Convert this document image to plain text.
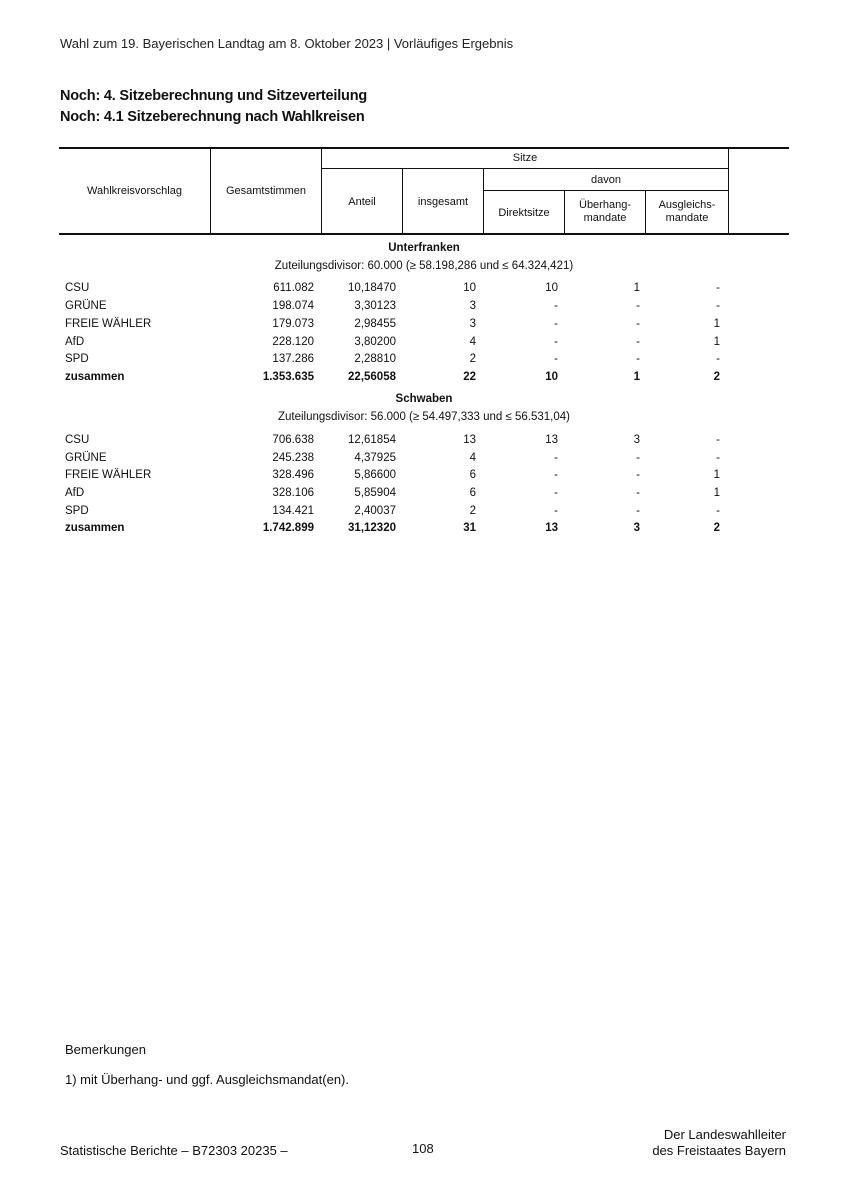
Wahl zum 19. Bayerischen Landtag am 8. Oktober 2023 | Vorläufiges Ergebnis
Noch: 4. Sitzeberechnung und Sitzeverteilung
Noch: 4.1 Sitzeberechnung nach Wahlkreisen
Wahlkreisvorschlag	Gesamtstimmen
Sitze
Anteil	insgesamt
davon
Direktsitze
Überhang-
mandate
Ausgleichs-
mandate
Unterfranken
Zuteilungsdivisor: 60.000 (≥ 58.198,286 und ≤ 64.324,421)
CSU	611.082	10,18470	10	10	1	-
GRÜNE	198.074	3,30123	3	-	-	-
FREIE WÄHLER	179.073	2,98455	3	-	-	1
AfD	228.120	3,80200	4	-	-	1
SPD	137.286	2,28810	2	-	-	-
zusammen	1.353.635	22,56058	22	10	1	2
Schwaben
Zuteilungsdivisor: 56.000 (≥ 54.497,333 und ≤ 56.531,04)
CSU	706.638	12,61854	13	13	3	-
GRÜNE	245.238	4,37925	4	-	-	-
FREIE WÄHLER	328.496	5,86600	6	-	-	1
AfD	328.106	5,85904	6	-	-	1
SPD	134.421	2,40037	2	-	-	-
zusammen	1.742.899	31,12320	31	13	3	2
Bemerkungen
1) mit Überhang- und ggf. Ausgleichsmandat(en).
Statistische Berichte – B72303 20235 –	108
Der Landeswahlleiter
des Freistaates Bayern
